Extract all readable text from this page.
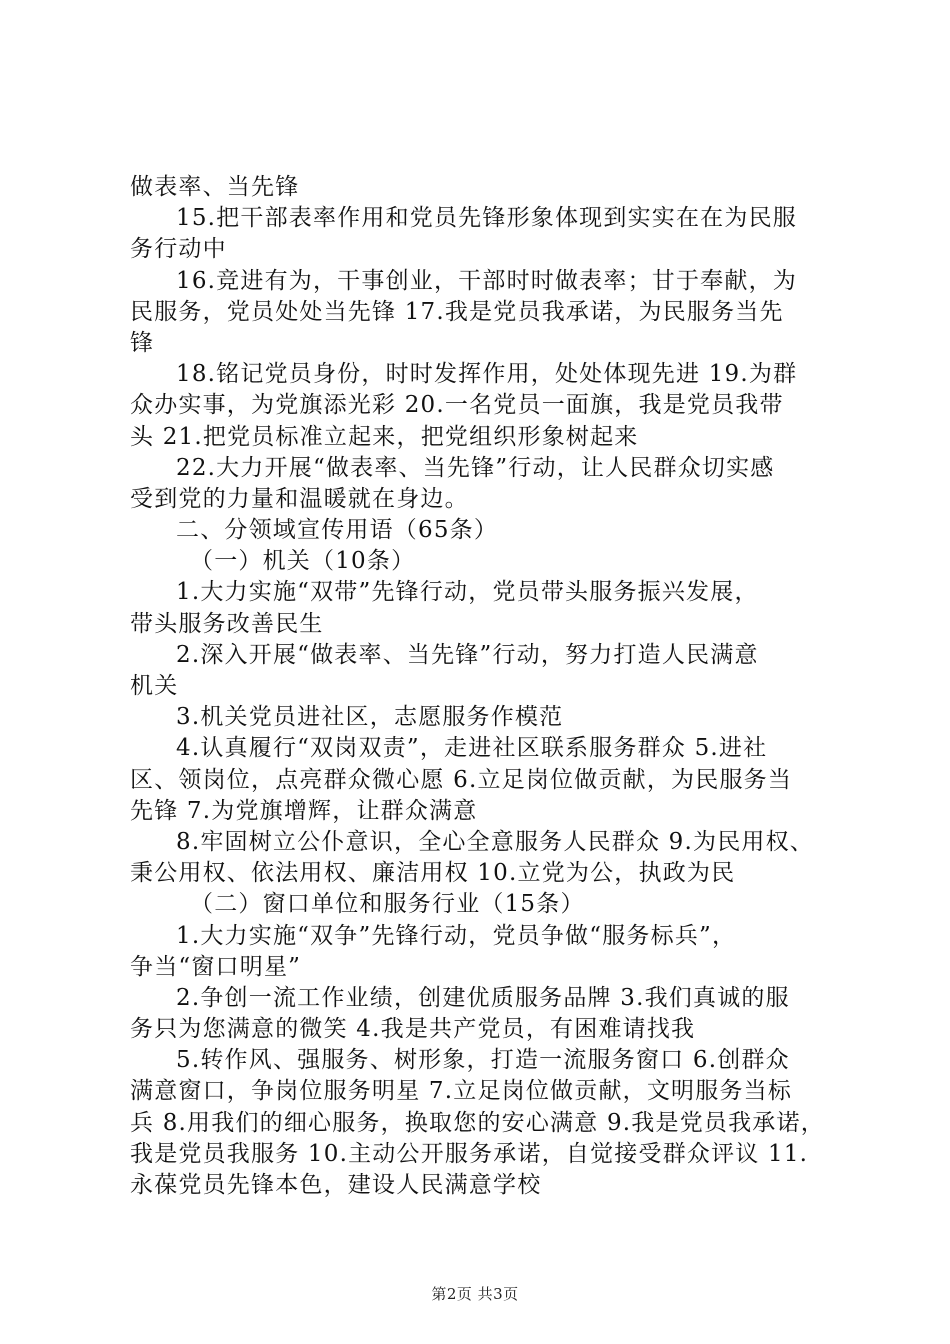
做表率、当先锋
15.把干部表率作用和党员先锋形象体现到实实在在为民服
务行动中
16.竞进有为，干事创业，干部时时做表率；甘于奉献，为
民服务，党员处处当先锋 17.我是党员我承诺，为民服务当先
锋
18.铭记党员身份，时时发挥作用，处处体现先进 19.为群
众办实事，为党旗添光彩 20.一名党员一面旗，我是党员我带
头 21.把党员标准立起来，把党组织形象树起来
22.大力开展“做表率、当先锋”行动，让人民群众切实感
受到党的力量和温暖就在身边。
二、分领域宣传用语（65条）
（一）机关（10条）
1.大力实施“双带”先锋行动，党员带头服务振兴发展，
带头服务改善民生
2.深入开展“做表率、当先锋”行动，努力打造人民满意
机关
3.机关党员进社区，志愿服务作模范
4.认真履行“双岗双责”，走进社区联系服务群众 5.进社
区、领岗位，点亮群众微心愿 6.立足岗位做贡献，为民服务当
先锋 7.为党旗增辉，让群众满意
8.牢固树立公仆意识，全心全意服务人民群众 9.为民用权、
秉公用权、依法用权、廉洁用权 10.立党为公，执政为民
（二）窗口单位和服务行业（15条）
1.大力实施“双争”先锋行动，党员争做“服务标兵”，
争当“窗口明星”
2.争创一流工作业绩，创建优质服务品牌 3.我们真诚的服
务只为您满意的微笑 4.我是共产党员，有困难请找我
5.转作风、强服务、树形象，打造一流服务窗口 6.创群众
满意窗口，争岗位服务明星 7.立足岗位做贡献，文明服务当标
兵 8.用我们的细心服务，换取您的安心满意 9.我是党员我承诺，
我是党员我服务 10.主动公开服务承诺，自觉接受群众评议 11.
永葆党员先锋本色，建设人民满意学校
第2页 共3页
